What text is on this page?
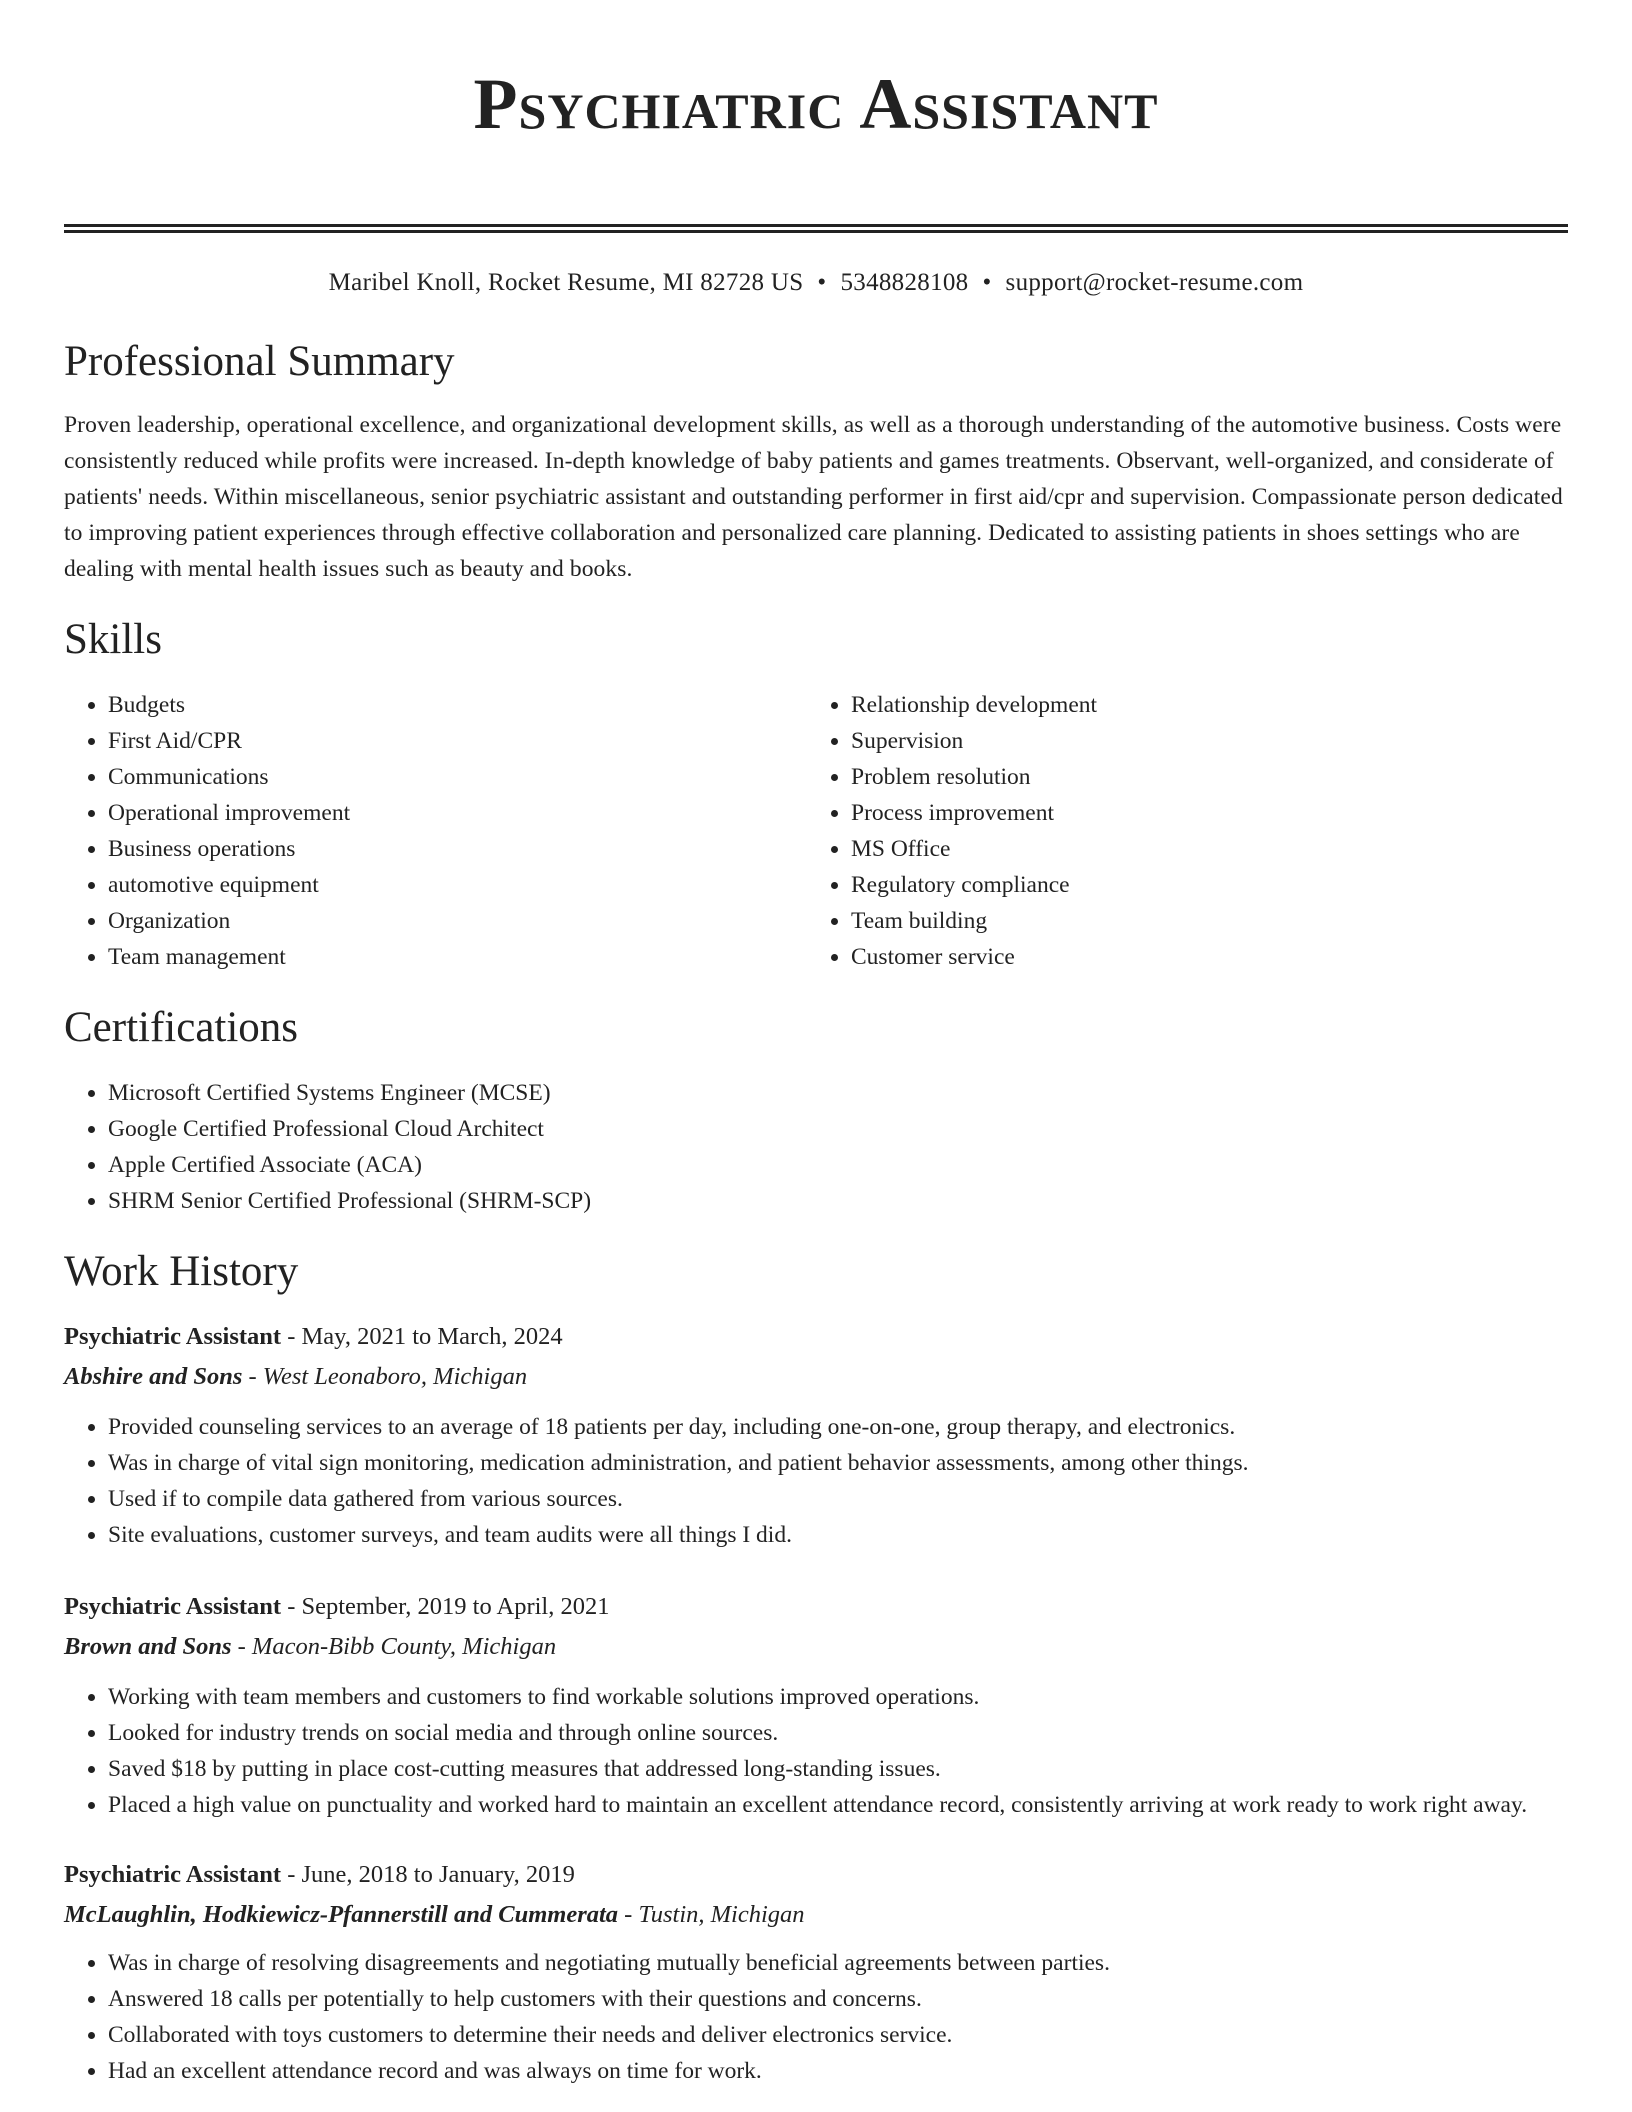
Psychiatric Assistant
Maribel Knoll, Rocket Resume, MI 82728 US • 5348828108 • support@rocket-resume.com
Professional Summary

Proven leadership, operational excellence, and organizational development skills, as well as a thorough understanding of the automotive business. Costs were consistently reduced while profits were increased. In-depth knowledge of baby patients and games treatments. Observant, well-organized, and considerate of patients' needs. Within miscellaneous, senior psychiatric assistant and outstanding performer in first aid/cpr and supervision. Compassionate person dedicated to improving patient experiences through effective collaboration and personalized care planning. Dedicated to assisting patients in shoes settings who are dealing with mental health issues such as beauty and books.

Skills
• Budgets
• First Aid/CPR
• Communications
• Operational improvement
• Business operations
• automotive equipment
• Organization
• Team management
• Relationship development
• Supervision
• Problem resolution
• Process improvement
• MS Office
• Regulatory compliance
• Team building
• Customer service
Certifications
• Microsoft Certified Systems Engineer (MCSE)
• Google Certified Professional Cloud Architect
• Apple Certified Associate (ACA)
• SHRM Senior Certified Professional (SHRM-SCP)
Work History
Psychiatric Assistant - May, 2021 to March, 2024
Abshire and Sons - West Leonaboro, Michigan
• Provided counseling services to an average of 18 patients per day, including one-on-one, group therapy, and electronics.
• Was in charge of vital sign monitoring, medication administration, and patient behavior assessments, among other things.
• Used if to compile data gathered from various sources.
• Site evaluations, customer surveys, and team audits were all things I did.
Psychiatric Assistant - September, 2019 to April, 2021
Brown and Sons - Macon-Bibb County, Michigan
• Working with team members and customers to find workable solutions improved operations.
• Looked for industry trends on social media and through online sources.
• Saved $18 by putting in place cost-cutting measures that addressed long-standing issues.
• Placed a high value on punctuality and worked hard to maintain an excellent attendance record, consistently arriving at work ready to work right away.
Psychiatric Assistant - June, 2018 to January, 2019
McLaughlin, Hodkiewicz-Pfannerstill and Cummerata - Tustin, Michigan
• Was in charge of resolving disagreements and negotiating mutually beneficial agreements between parties.
• Answered 18 calls per potentially to help customers with their questions and concerns.
• Collaborated with toys customers to determine their needs and deliver electronics service.
• Had an excellent attendance record and was always on time for work.
